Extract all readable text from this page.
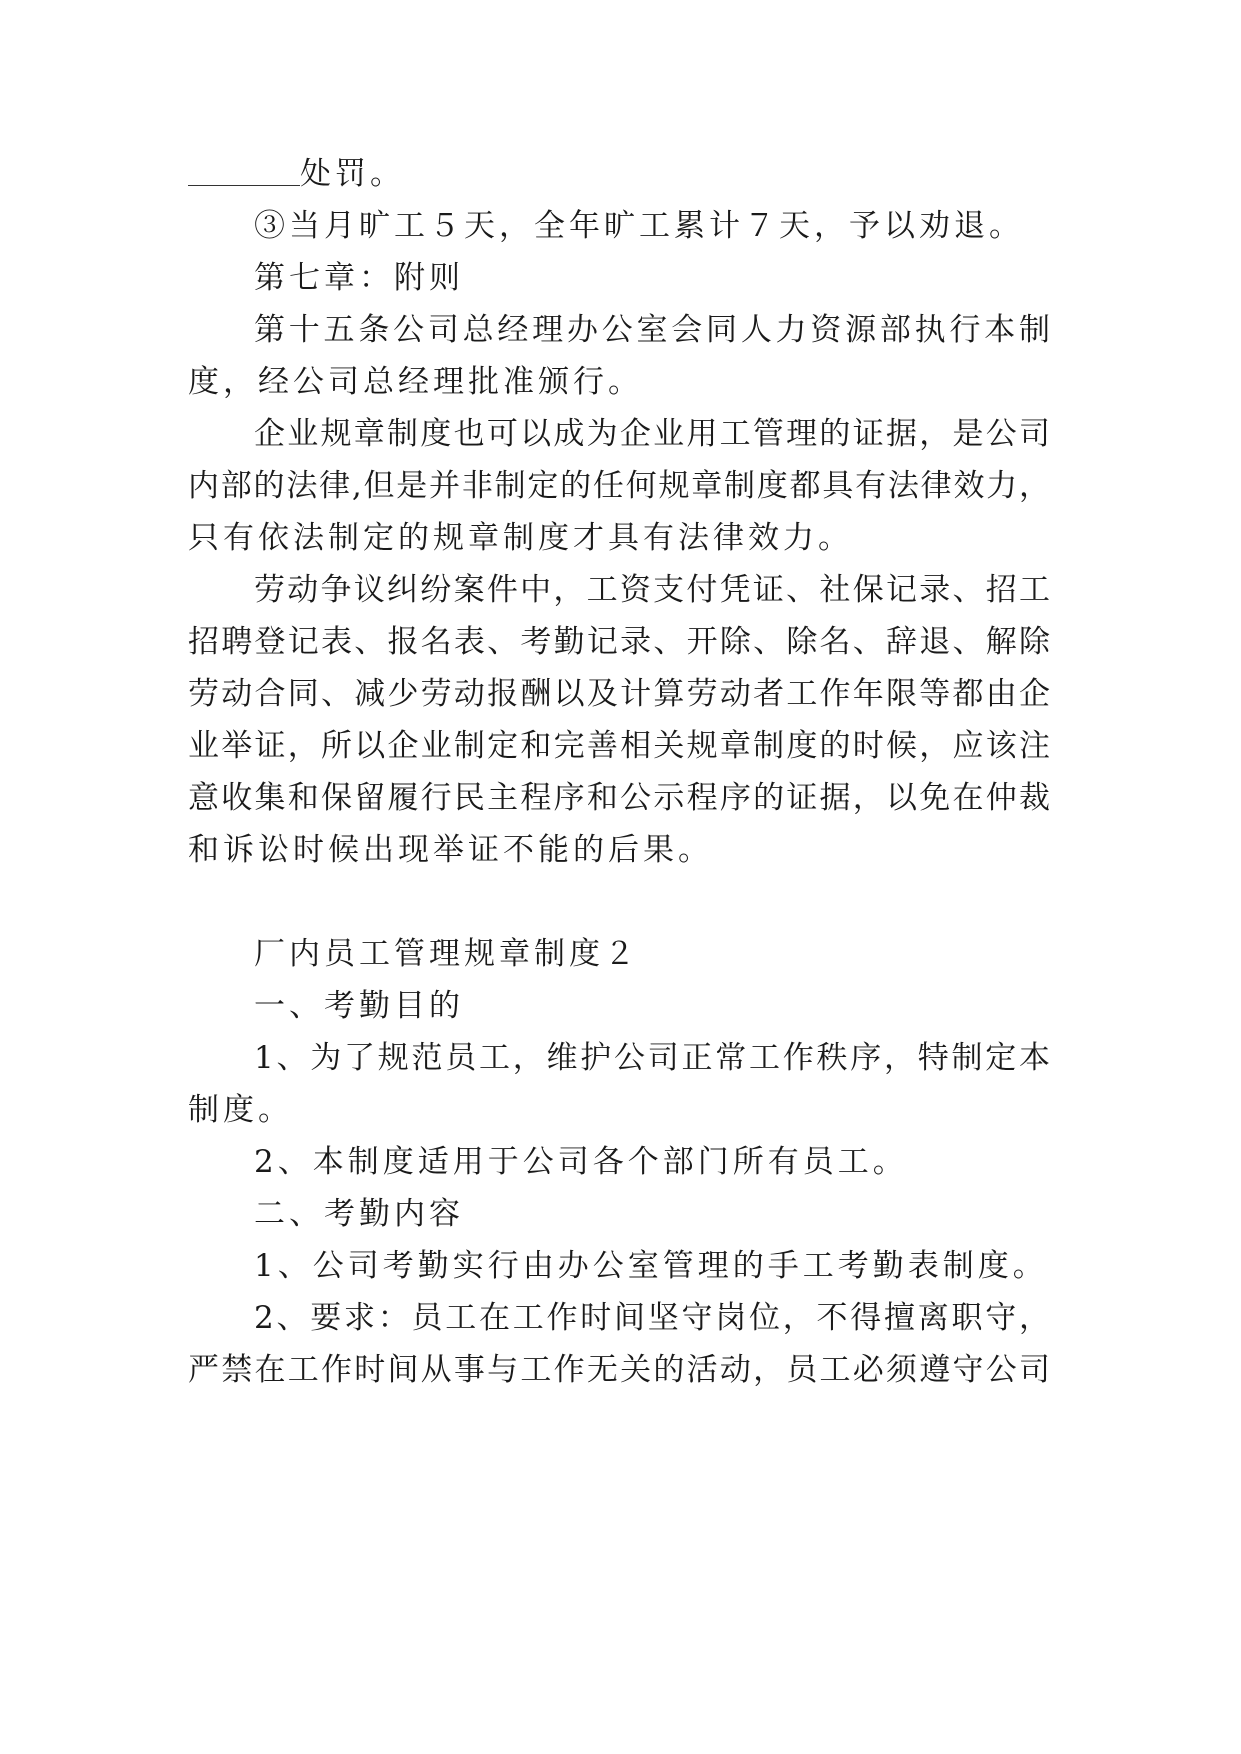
处罚。
③当月旷工５天，全年旷工累计７天，予以劝退。
第七章：附则
第十五条公司总经理办公室会同人力资源部执行本制
度，经公司总经理批准颁行。
企业规章制度也可以成为企业用工管理的证据，是公司
内部的法律,但是并非制定的任何规章制度都具有法律效力，
只有依法制定的规章制度才具有法律效力。
劳动争议纠纷案件中，工资支付凭证、社保记录、招工
招聘登记表、报名表、考勤记录、开除、除名、辞退、解除
劳动合同、减少劳动报酬以及计算劳动者工作年限等都由企
业举证，所以企业制定和完善相关规章制度的时候，应该注
意收集和保留履行民主程序和公示程序的证据，以免在仲裁
和诉讼时候出现举证不能的后果。
厂内员工管理规章制度２
一、考勤目的
1、为了规范员工，维护公司正常工作秩序，特制定本
制度。
2、本制度适用于公司各个部门所有员工。
二、考勤内容
1、公司考勤实行由办公室管理的手工考勤表制度。
2、要求：员工在工作时间坚守岗位，不得擅离职守，
严禁在工作时间从事与工作无关的活动，员工必须遵守公司
